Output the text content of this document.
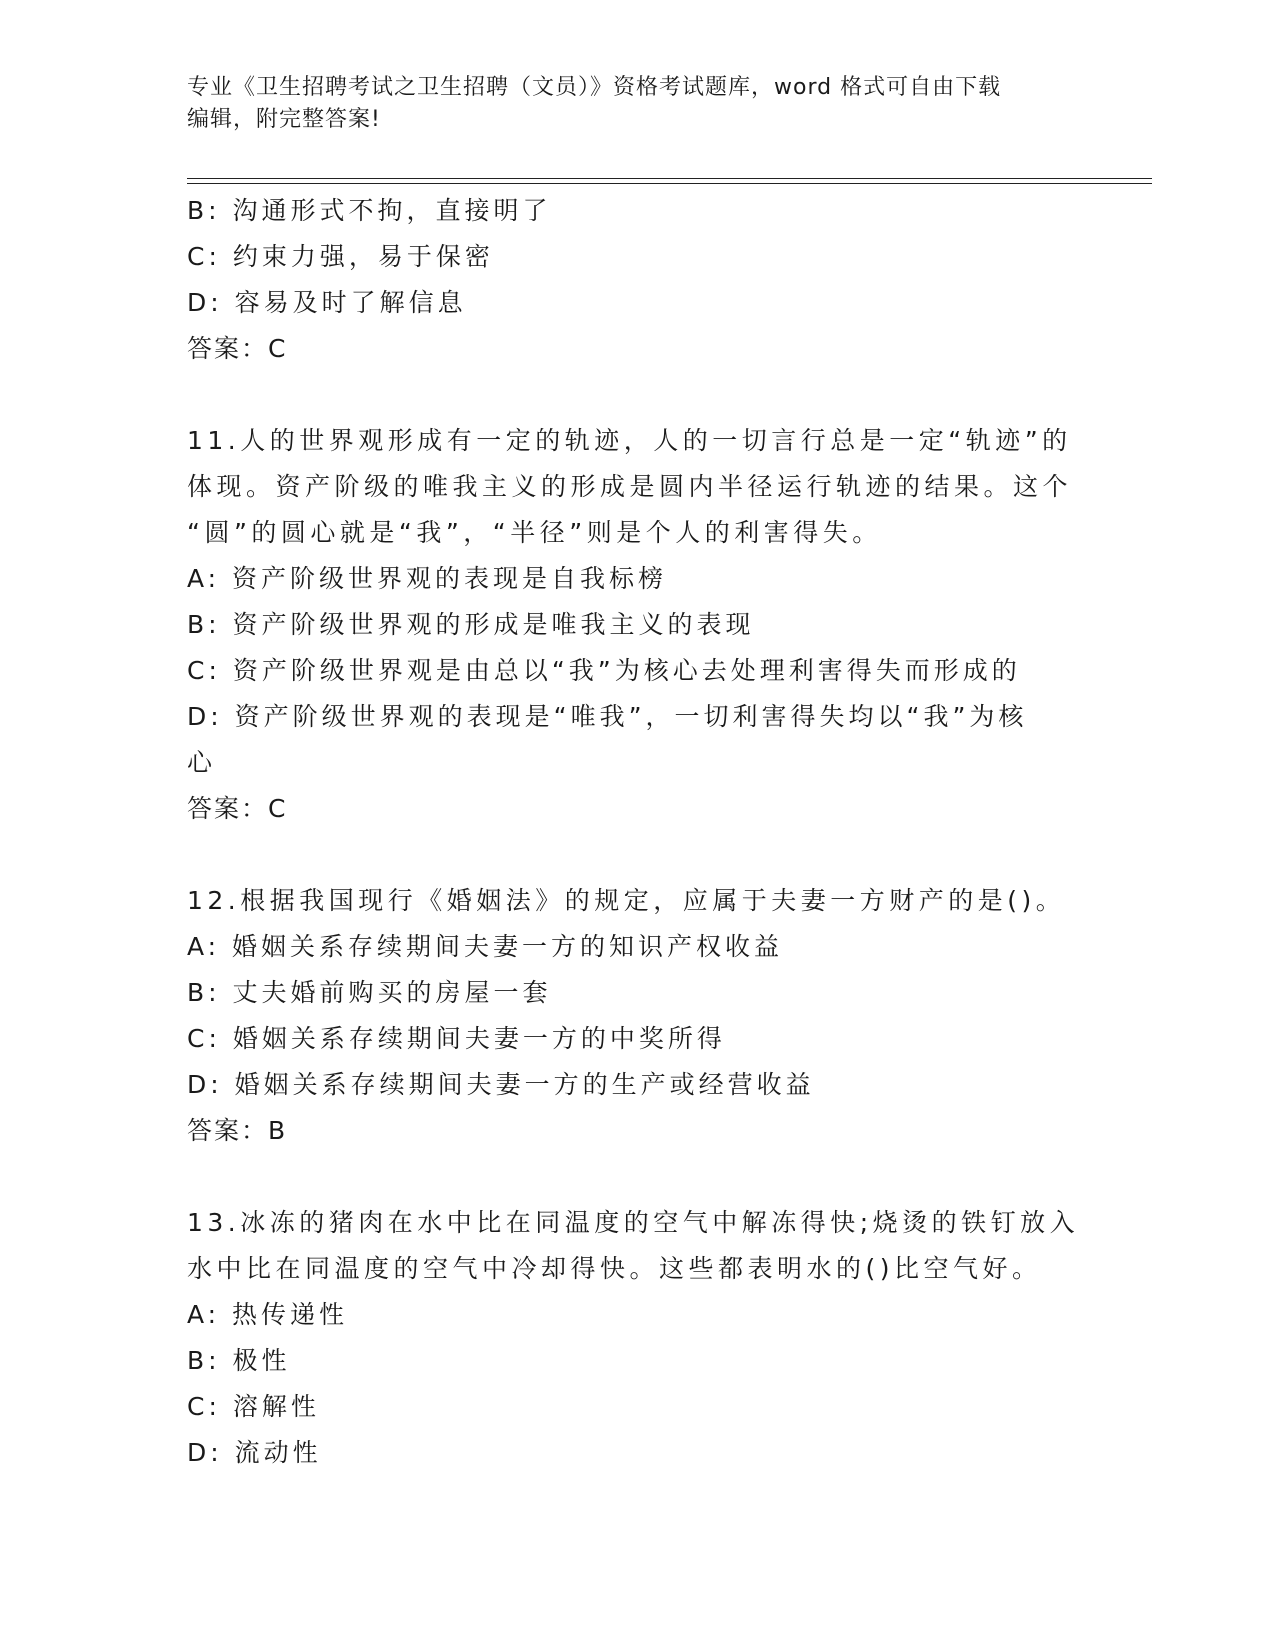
专业《卫生招聘考试之卫生招聘（文员）》资格考试题库，word 格式可自由下载
编辑，附完整答案!
B: 沟通形式不拘，直接明了
C: 约束力强，易于保密
D: 容易及时了解信息
答案：C
11.人的世界观形成有一定的轨迹，人的一切言行总是一定“轨迹”的
体现。资产阶级的唯我主义的形成是圆内半径运行轨迹的结果。这个
“圆”的圆心就是“我”，“半径”则是个人的利害得失。
A: 资产阶级世界观的表现是自我标榜
B: 资产阶级世界观的形成是唯我主义的表现
C: 资产阶级世界观是由总以“我”为核心去处理利害得失而形成的
D: 资产阶级世界观的表现是“唯我”，一切利害得失均以“我”为核
心
答案：C
12.根据我国现行《婚姻法》的规定，应属于夫妻一方财产的是()。
A: 婚姻关系存续期间夫妻一方的知识产权收益
B: 丈夫婚前购买的房屋一套
C: 婚姻关系存续期间夫妻一方的中奖所得
D: 婚姻关系存续期间夫妻一方的生产或经营收益
答案：B
13.冰冻的猪肉在水中比在同温度的空气中解冻得快;烧烫的铁钉放入
水中比在同温度的空气中冷却得快。这些都表明水的()比空气好。
A: 热传递性
B: 极性
C: 溶解性
D: 流动性
